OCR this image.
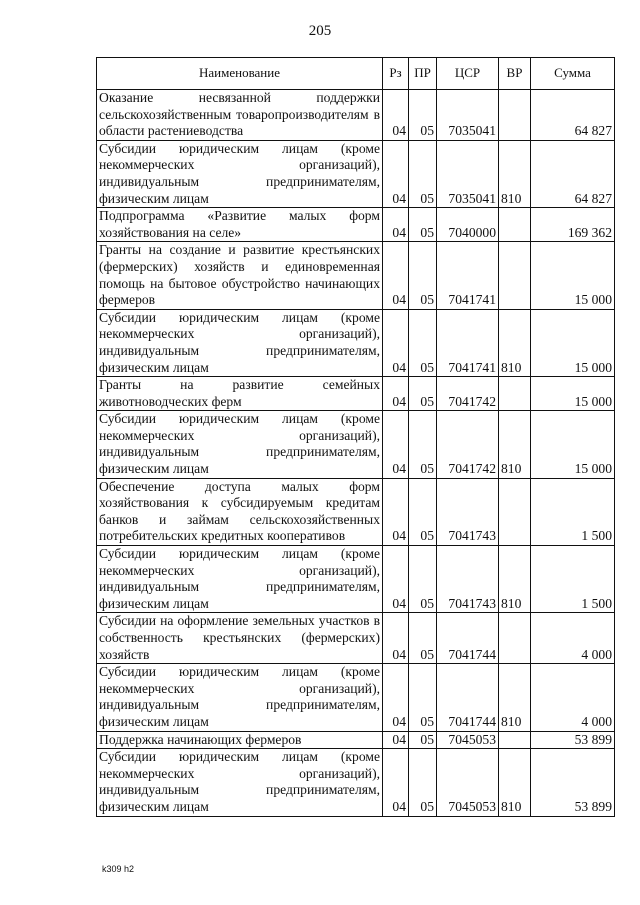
205
Наименование	Рз	ПР	ЦСР	ВР	Сумма
Оказание несвязанной поддержки сельскохозяйственным товаропроизводителям в области растениеводства	04	05	7035041		64 827
Субсидии юридическим лицам (кроме некоммерческих организаций), индивидуальным предпринимателям, физическим лицам	04	05	7035041	810	64 827
Подпрограмма «Развитие малых форм хозяйствования на селе»	04	05	7040000		169 362
Гранты на создание и развитие крестьянских (фермерских) хозяйств и единовременная помощь на бытовое обустройство начинающих фермеров	04	05	7041741		15 000
Субсидии юридическим лицам (кроме некоммерческих организаций), индивидуальным предпринимателям, физическим лицам	04	05	7041741	810	15 000
Гранты на развитие семейных животноводческих ферм	04	05	7041742		15 000
Субсидии юридическим лицам (кроме некоммерческих организаций), индивидуальным предпринимателям, физическим лицам	04	05	7041742	810	15 000
Обеспечение доступа малых форм хозяйствования к субсидируемым кредитам банков и займам сельскохозяйственных потребительских кредитных кооперативов	04	05	7041743		1 500
Субсидии юридическим лицам (кроме некоммерческих организаций), индивидуальным предпринимателям, физическим лицам	04	05	7041743	810	1 500
Субсидии на оформление земельных участков в собственность крестьянских (фермерских) хозяйств	04	05	7041744		4 000
Субсидии юридическим лицам (кроме некоммерческих организаций), индивидуальным предпринимателям, физическим лицам	04	05	7041744	810	4 000
Поддержка начинающих фермеров	04	05	7045053		53 899
Субсидии юридическим лицам (кроме некоммерческих организаций), индивидуальным предпринимателям, физическим лицам	04	05	7045053	810	53 899
k309 h2
